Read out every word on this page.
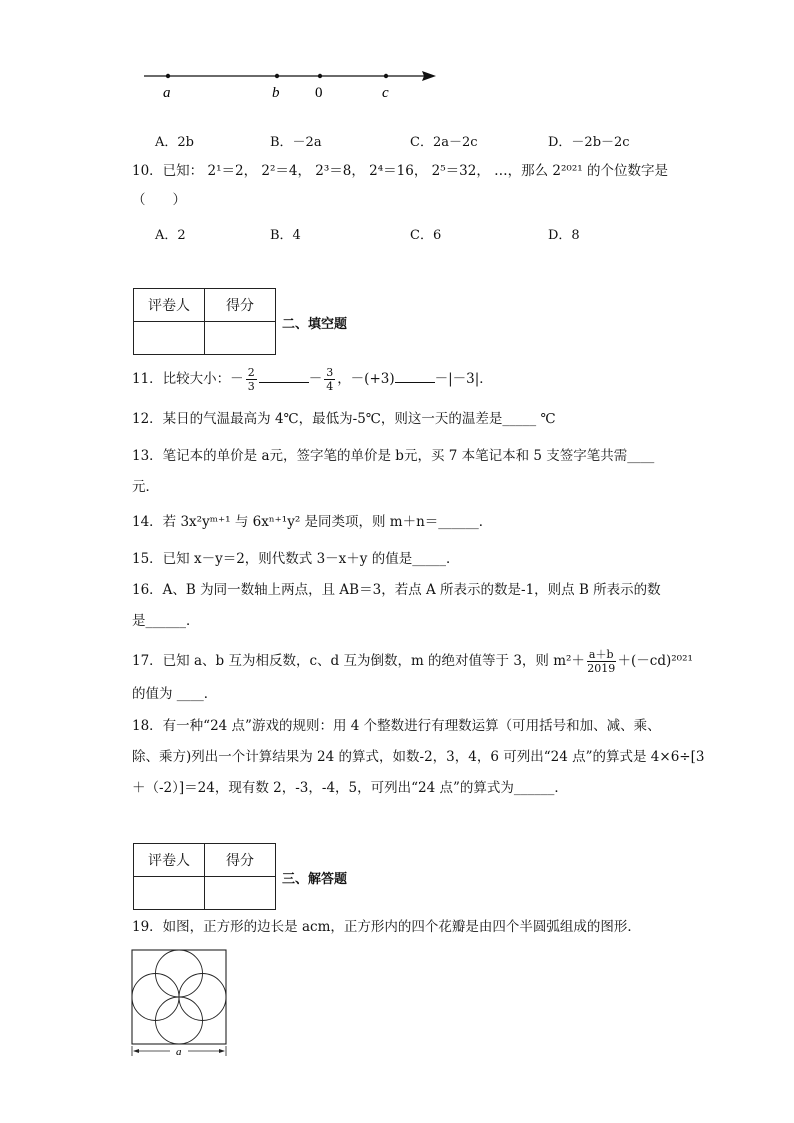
a	b 0	c
A．2b	B．－2a	C．2a－2c	D．－2b－2c
10．已知： 2¹＝2， 2²＝4， 2³＝8， 2⁴＝16， 2⁵＝32， …，那么 2²⁰²¹ 的个位数字是
（　　）
A．2	B．4	C．6	D．8
评卷人	得分

二、填空题
11．比较大小：－ $\frac{2}{3}$	－ $\frac{3}{4}$ ，－(+3)	－|－3|．
12．某日的气温最高为 4℃，最低为-5℃，则这一天的温差是_____ ℃
13．笔记本的单价是 a元，签字笔的单价是 b元，买 7 本笔记本和 5 支签字笔共需____
元．
14．若 3x²yᵐ⁺¹ 与 6xⁿ⁺¹y² 是同类项，则 m＋n＝______．
15．已知 x－y＝2，则代数式 3－x＋y 的值是_____．
16．A、B 为同一数轴上两点，且 AB＝3，若点 A 所表示的数是-1，则点 B 所表示的数
是______．
17．已知 a、b 互为相反数，c、d 互为倒数，m 的绝对值等于 3，则 $m^2+ \frac{a+b}{2019} +(-cd)^{2021}$
的值为 ____．
18．有一种“24 点”游戏的规则：用 4 个整数进行有理数运算（可用括号和加、减、乘、
除、乘方)列出一个计算结果为 24 的算式，如数-2，3，4，6 可列出“24 点”的算式是 4×6÷[3
＋（-2）]＝24，现有数 2，-3，-4，5，可列出“24 点”的算式为______．
评卷人	得分

三、解答题
19．如图，正方形的边长是 acm，正方形内的四个花瓣是由四个半圆弧组成的图形．
a
